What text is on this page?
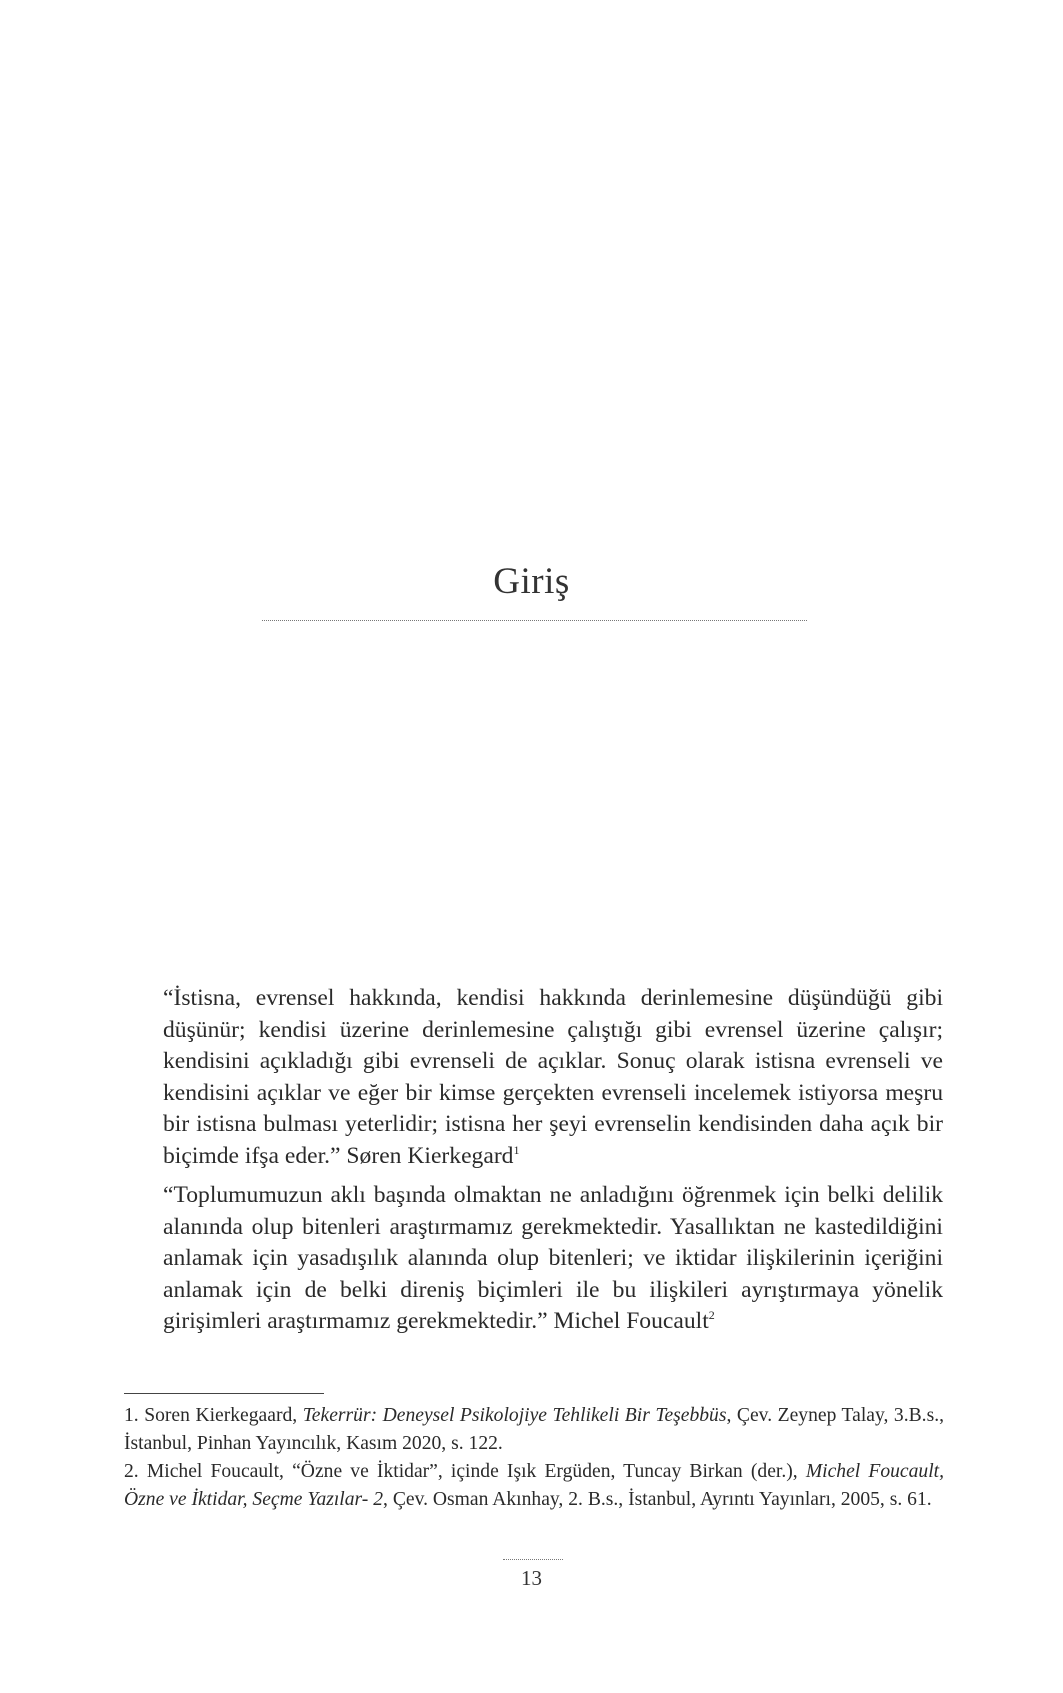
Giriş

“İstisna, evrensel hakkında, kendisi hakkında derinlemesine düşündüğü gibi düşünür; kendisi üzerine derinlemesine çalıştığı gibi evrensel üzerine çalışır; kendisini açıkladığı gibi evrenseli de açıklar. Sonuç olarak istisna evrenseli ve kendisini açıklar ve eğer bir kimse gerçekten evrenseli incelemek istiyorsa meşru bir istisna bulması yeterlidir; istisna her şeyi evrenselin kendisinden daha açık bir biçimde ifşa eder.” Søren Kierkegard$^1$

“Toplumumuzun aklı başında olmaktan ne anladığını öğrenmek için belki delilik alanında olup bitenleri araştırmamız gerekmektedir. Yasallıktan ne kastedildiğini anlamak için yasadışılık alanında olup bitenleri; ve iktidar ilişkilerinin içeriğini anlamak için de belki direniş biçimleri ile bu ilişkileri ayrıştırmaya yönelik girişimleri araştırmamız gerekmektedir.” Michel Foucault$^2$

1. Soren Kierkegaard, Tekerrür: Deneysel Psikolojiye Tehlikeli Bir Teşebbüs, Çev. Zeynep Talay, 3.B.s., İstanbul, Pinhan Yayıncılık, Kasım 2020, s. 122.

2. Michel Foucault, “Özne ve İktidar”, içinde Işık Ergüden, Tuncay Birkan (der.), Michel Foucault, Özne ve İktidar, Seçme Yazılar- 2, Çev. Osman Akınhay, 2. B.s., İstanbul, Ayrıntı Yayınları, 2005, s. 61.

13
